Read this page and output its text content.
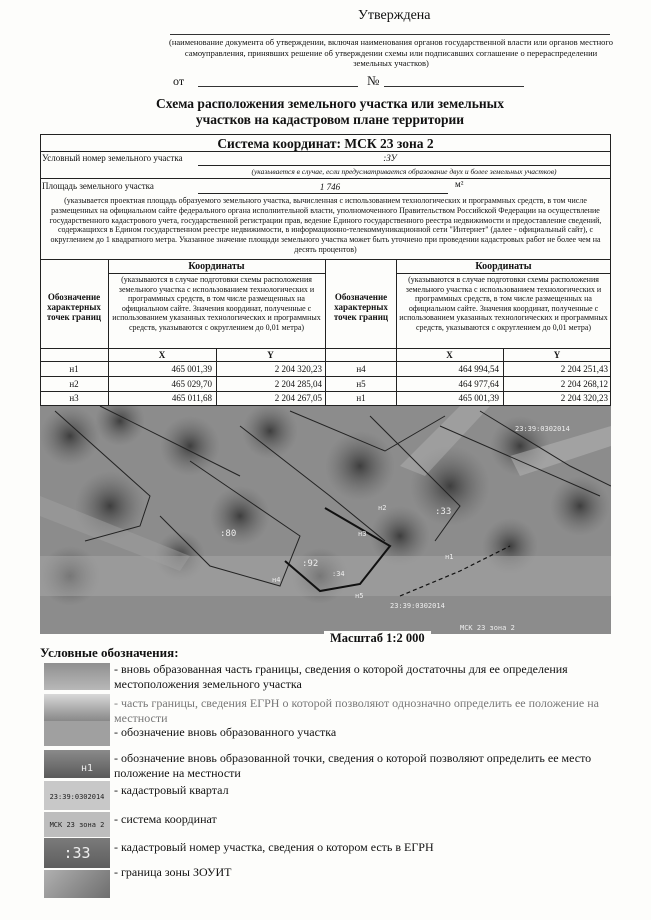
Утверждена
(наименование документа об утверждении, включая наименования органов государственной власти или органов местного самоуправления, принявших решение об утверждении схемы или подписавших соглашение о перераспределении земельных участков)
от	№
Схема расположения земельного участка или земельных участков на кадастровом плане территории
Система координат: МСК 23 зона 2
Условный номер земельного участка	:ЗУ
(указывается в случае, если предусматривается образование двух и более земельных участков)
Площадь земельного участка	1 746	м²
(указывается проектная площадь образуемого земельного участка, вычисленная с использованием технологических и программных средств, в том числе размещенных на официальном сайте федерального органа исполнительной власти, уполномоченного Правительством Российской Федерации на осуществление государственного кадастрового учета, государственной регистрации прав, ведение Единого государственного реестра недвижимости и предоставление сведений, содержащихся в Едином государственном реестре недвижимости, в информационно-телекоммуникационной сети "Интернет" (далее - официальный сайт), с округлением до 1 квадратного метра. Указанное значение площади земельного участка может быть уточнено при проведении кадастровых работ не более чем на десять процентов)
Обозначение характерных точек границ
Координаты
(указываются в случае подготовки схемы расположения земельного участка с использованием технологических и программных средств, в том числе размещенных на официальном сайте. Значения координат, полученные с использованием указанных технологических и программных средств, указываются с округлением до 0,01 метра)
X	Y
Обозначение характерных точек границ
Координаты
(указываются в случае подготовки схемы расположения земельного участка с использованием технологических и программных средств, в том числе размещенных на официальном сайте. Значения координат, полученные с использованием указанных технологических и программных средств, указываются с округлением до 0,01 метра)
X	Y
н1	465 001,39	2 204 320,23	н4	464 994,54	2 204 251,43
н2	465 029,70	2 204 285,04	н5	464 977,64	2 204 268,12
н3	465 011,68	2 204 267,05	н1	465 001,39	2 204 320,23
23:39:0302014
:80
:92
:33
:34
н1
н2
н3
н4
н5
23:39:0302014
МСК 23 зона 2
Масштаб 1:2 000
Условные обозначения:
- вновь образованная часть границы, сведения о которой достаточны для ее определения местоположения земельного участка
- часть границы, сведения ЕГРН о которой позволяют однозначно определить ее положение на местности
- обозначение вновь образованного участка
н1
- обозначение вновь образованной точки, сведения о которой позволяют определить ее место положение на местности
23:39:0302014 - кадастровый квартал
МСК 23 зона 2 - система координат
:33	- кадастровый номер участка, сведения о котором есть в ЕГРН
- граница зоны ЗОУИТ
